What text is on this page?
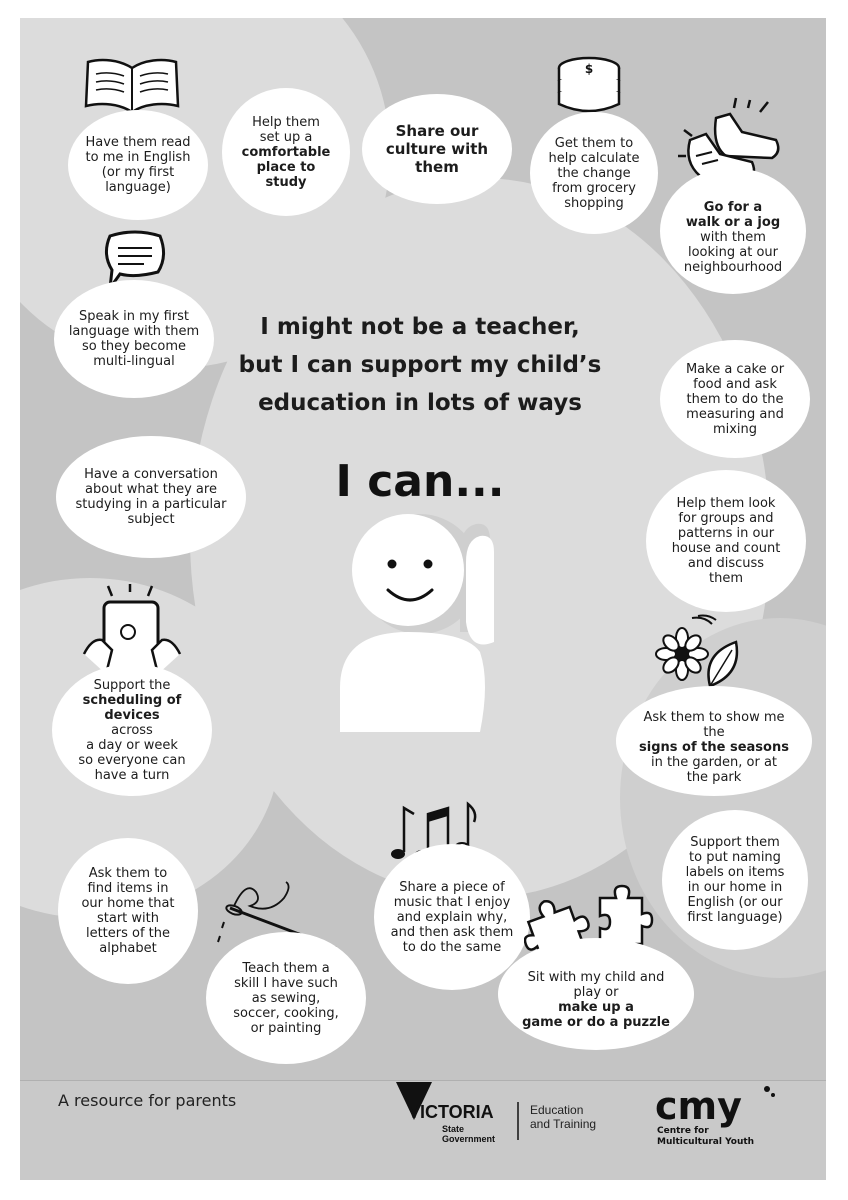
Have them read
to me in English
(or my first
language)
Help them
set up a
comfortable
place to
study
Share our
culture with
them
$
Get them to
help calculate
the change
from grocery
shopping	Go for a
walk or a jog
with them
looking at our
neighbourhood
Speak in my first
language with them
so they become
multi-lingual
I might not be a teacher,
but I can support my child’s
education in lots of ways
I can...
Make a cake or
food and ask
them to do the
measuring and
mixing
Have a conversation
about what they are
studying in a particular
subject
Help them look
for groups and
patterns in our
house and count
and discuss
them
Support the
scheduling of
devices
across
a day or week
so everyone can
have a turn
Ask them to show me
the
signs of the seasons
in the garden, or at
the park
Support them
to put naming
labels on items
in our home in
English (or our
first language)
Share a piece of
music that I enjoy
and explain why,
and then ask them
to do the same
Ask them to
find items in
our home that
start with
letters of the
alphabet
Teach them a
skill I have such
as sewing,
soccer, cooking,
or painting
Sit with my child and
play or
make up a
game or do a puzzle
A resource for parents
VICTORIA
State
Government
Education
and Training cmy
Centre for
Multicultural Youth
